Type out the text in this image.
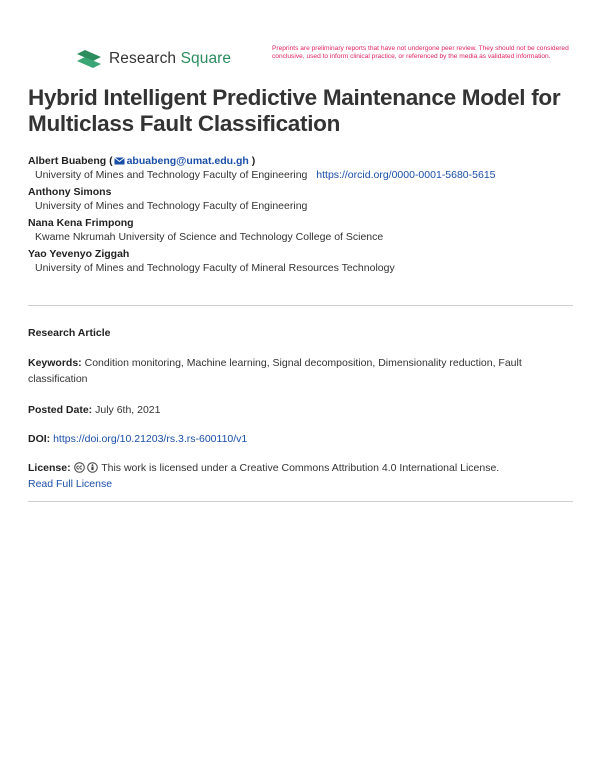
Research Square
Preprints are preliminary reports that have not undergone peer review. They should not be considered conclusive, used to inform clinical practice, or referenced by the media as validated information.
Hybrid Intelligent Predictive Maintenance Model for Multiclass Fault Classification
Albert Buabeng ( abuabeng@umat.edu.gh )
University of Mines and Technology Faculty of Engineering https://orcid.org/0000-0001-5680-5615
Anthony Simons
University of Mines and Technology Faculty of Engineering
Nana Kena Frimpong
Kwame Nkrumah University of Science and Technology College of Science
Yao Yevenyo Ziggah
University of Mines and Technology Faculty of Mineral Resources Technology
Research Article
Keywords: Condition monitoring, Machine learning, Signal decomposition, Dimensionality reduction, Fault classification
Posted Date: July 6th, 2021
DOI: https://doi.org/10.21203/rs.3.rs-600110/v1
License:	This work is licensed under a Creative Commons Attribution 4.0 International License.
Read Full License
